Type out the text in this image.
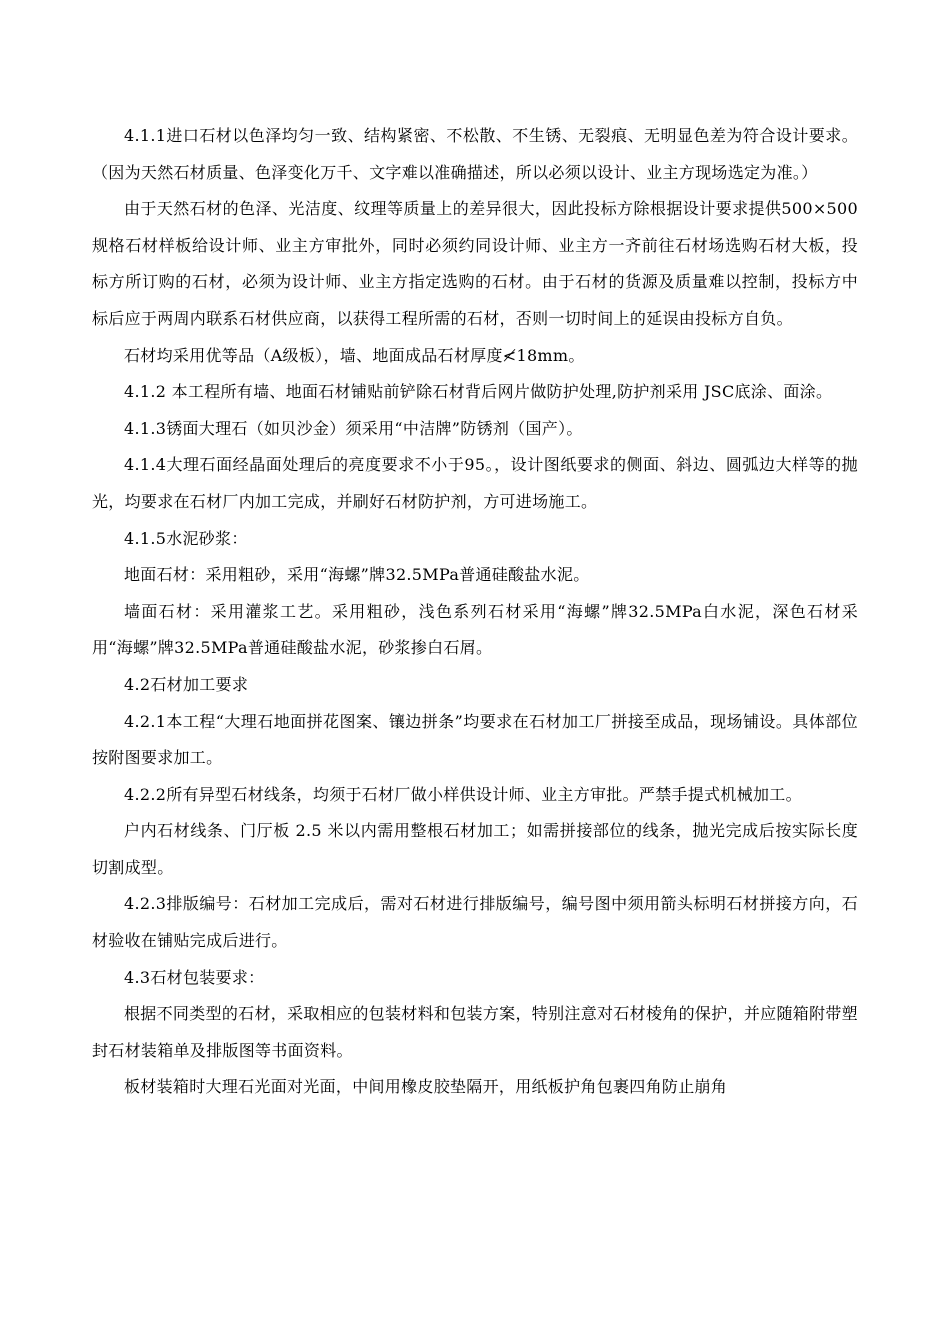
4.1.1进口石材以色泽均匀一致、结构紧密、不松散、不生锈、无裂痕、无明显色差为符合设计要求。（因为天然石材质量、色泽变化万千、文字难以准确描述，所以必须以设计、业主方现场选定为准。）

由于天然石材的色泽、光洁度、纹理等质量上的差异很大，因此投标方除根据设计要求提供500×500规格石材样板给设计师、业主方审批外，同时必须约同设计师、业主方一齐前往石材场选购石材大板，投标方所订购的石材，必须为设计师、业主方指定选购的石材。由于石材的货源及质量难以控制，投标方中标后应于两周内联系石材供应商，以获得工程所需的石材，否则一切时间上的延误由投标方自负。

石材均采用优等品（A级板），墙、地面成品石材厚度≮18mm。

4.1.2 本工程所有墙、地面石材铺贴前铲除石材背后网片做防护处理,防护剂采用 JSC底涂、面涂。

4.1.3锈面大理石（如贝沙金）须采用“中洁牌”防锈剂（国产）。

4.1.4大理石面经晶面处理后的亮度要求不小于95。，设计图纸要求的侧面、斜边、圆弧边大样等的抛光，均要求在石材厂内加工完成，并刷好石材防护剂，方可进场施工。

4.1.5水泥砂浆：

地面石材：采用粗砂，采用“海螺”牌32.5MPa普通硅酸盐水泥。

墙面石材：采用灌浆工艺。采用粗砂，浅色系列石材采用“海螺”牌32.5MPa白水泥，深色石材采用“海螺”牌32.5MPa普通硅酸盐水泥，砂浆掺白石屑。

4.2石材加工要求

4.2.1本工程“大理石地面拼花图案、镶边拼条”均要求在石材加工厂拼接至成品，现场铺设。具体部位按附图要求加工。

4.2.2所有异型石材线条，均须于石材厂做小样供设计师、业主方审批。严禁手提式机械加工。

户内石材线条、门厅板 2.5 米以内需用整根石材加工；如需拼接部位的线条，抛光完成后按实际长度切割成型。

4.2.3排版编号：石材加工完成后，需对石材进行排版编号，编号图中须用箭头标明石材拼接方向，石材验收在铺贴完成后进行。

4.3石材包装要求：

根据不同类型的石材，采取相应的包装材料和包装方案，特别注意对石材棱角的保护，并应随箱附带塑封石材装箱单及排版图等书面资料。

板材装箱时大理石光面对光面，中间用橡皮胶垫隔开，用纸板护角包裹四角防止崩角
